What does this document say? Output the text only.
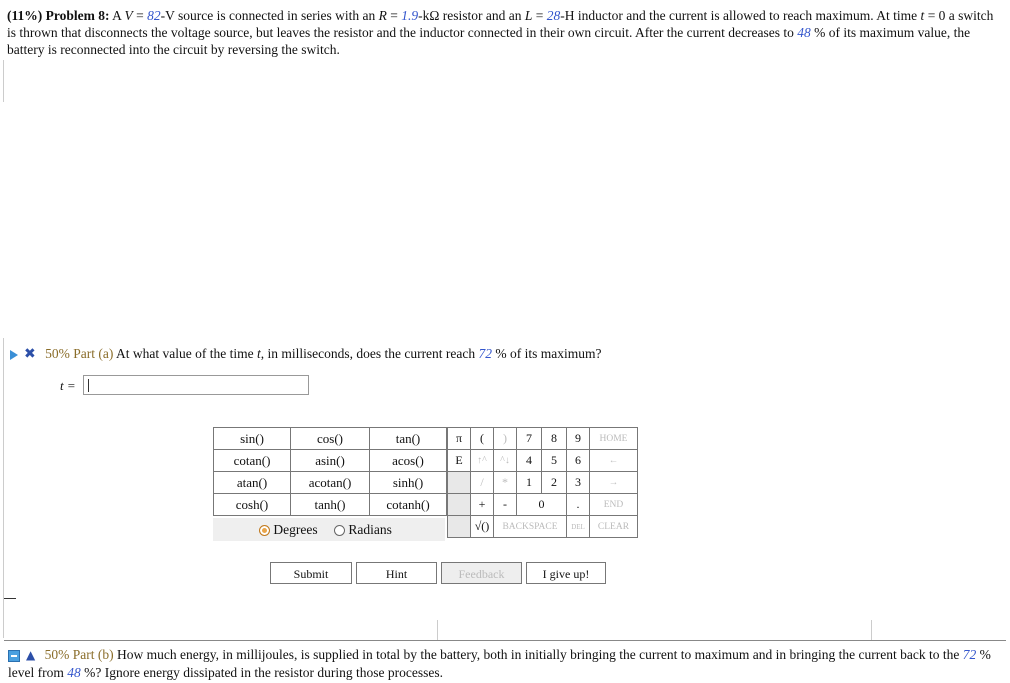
(11%) Problem 8: A V = 82-V source is connected in series with an R = 1.9-kΩ resistor and an L = 28-H inductor and the current is allowed to reach maximum. At time t = 0 a switch is thrown that disconnects the voltage source, but leaves the resistor and the inductor connected in their own circuit. After the current decreases to 48 % of its maximum value, the battery is reconnected into the circuit by reversing the switch.
✖ 50% Part (a) At what value of the time t, in milliseconds, does the current reach 72 % of its maximum?
t =
sin()	cos()	tan()
cotan()	asin()	acos()
atan()	acotan()	sinh()
cosh()	tanh()	cotanh()
Degrees	Radians
π	(	)	7	8	9	HOME
E	↑^	^↓	4	5	6	←
	/	*	1	2	3	→
	+	-	0		.	END
	√()	BACKSPACE			DEL	CLEAR
Submit	Hint	Feedback	I give up!
▲ 50% Part (b) How much energy, in millijoules, is supplied in total by the battery, both in initially bringing the current to maximum and in bringing the current back to the 72 % level from 48 %? Ignore energy dissipated in the resistor during those processes.
